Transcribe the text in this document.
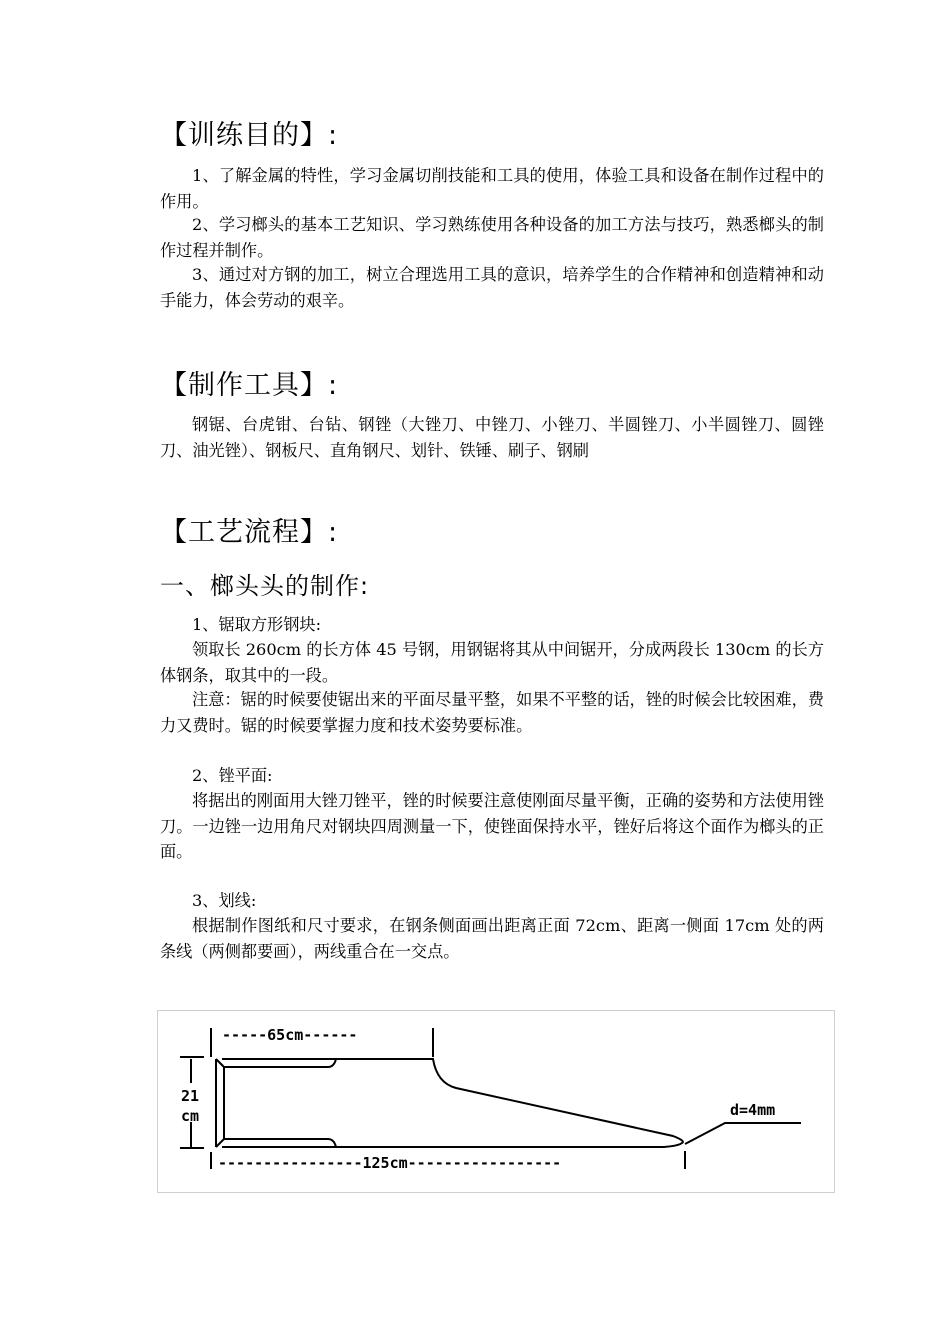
【训练目的】:

1、了解金属的特性，学习金属切削技能和工具的使用，体验工具和设备在制作过程中的作用。

2、学习榔头的基本工艺知识、学习熟练使用各种设备的加工方法与技巧，熟悉榔头的制作过程并制作。

3、通过对方钢的加工，树立合理选用工具的意识，培养学生的合作精神和创造精神和动手能力，体会劳动的艰辛。

【制作工具】:

钢锯、台虎钳、台钻、钢锉（大锉刀、中锉刀、小锉刀、半圆锉刀、小半圆锉刀、圆锉刀、油光锉）、钢板尺、直角钢尺、划针、铁锤、刷子、钢刷

【工艺流程】:
一、榔头头的制作:

1、锯取方形钢块:

领取长 260cm 的长方体 45 号钢，用钢锯将其从中间锯开，分成两段长 130cm 的长方体钢条，取其中的一段。

注意：锯的时候要使锯出来的平面尽量平整，如果不平整的话，锉的时候会比较困难，费力又费时。锯的时候要掌握力度和技术姿势要标准。

2、锉平面:

将据出的刚面用大锉刀锉平，锉的时候要注意使刚面尽量平衡，正确的姿势和方法使用锉刀。一边锉一边用角尺对钢块四周测量一下，使锉面保持水平，锉好后将这个面作为榔头的正面。

3、划线:

根据制作图纸和尺寸要求，在钢条侧面画出距离正面 72cm、距离一侧面 17cm 处的两条线（两侧都要画），两线重合在一交点。

-----65cm------
----------------125cm-----------------
21
cm	d=4mm
